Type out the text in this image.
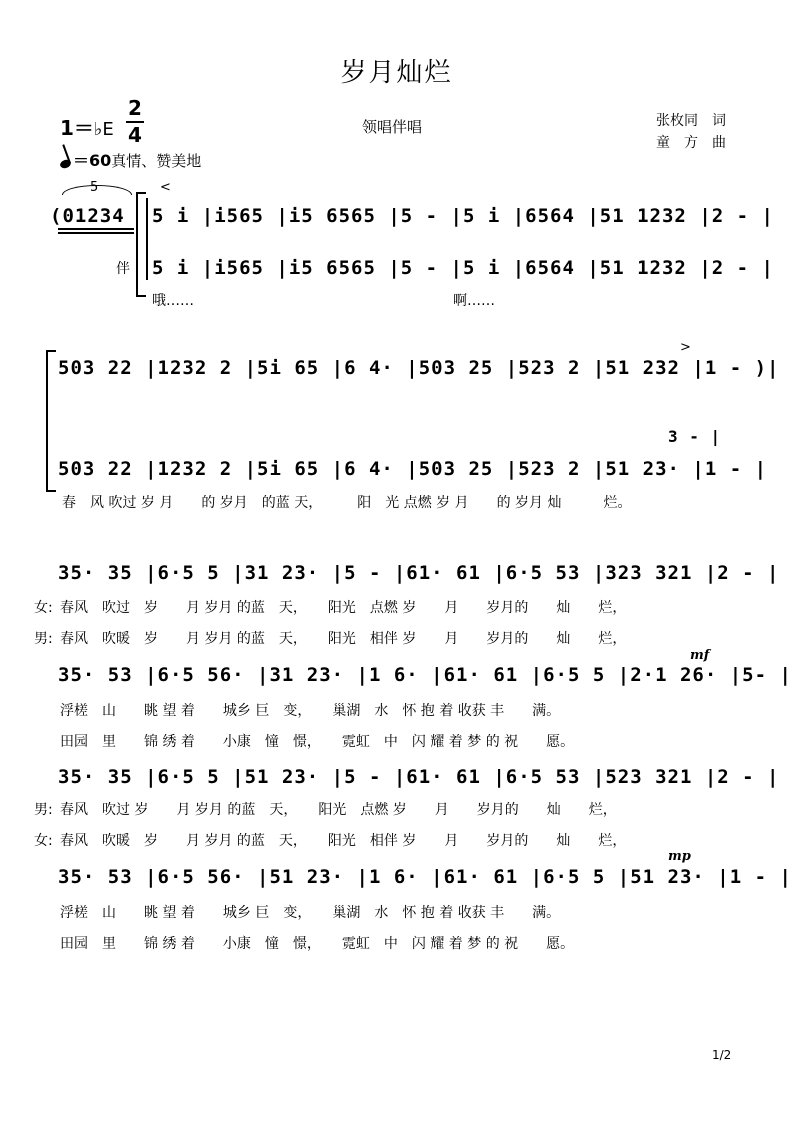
岁月灿烂
1＝♭E
2
4	领唱伴唱	张枚同　词
童　方　曲
＝60真情、赞美地
5
(01234
<
5 i |i565 |i5 6565 |5 - |5 i |6564 |51 1232 |2 - |
伴 5 i |i565 |i5 6565 |5 - |5 i |6564 |51 1232 |2 - |
哦……	啊……
503 22 |1232 2 |5i 65 |6 4· |503 25 |523 2 |51 232 |1 - )|
>
503 22 |1232 2 |5i 65 |6 4· |503 25 |523 2 |51 23· |1 - |
3 - |
春　风 吹过 岁 月　　的 岁月　的蓝 天，　　　阳　光 点燃 岁 月　　的 岁月 灿　　　烂。
35· 35 |6·5 5 |31 23· |5 - |61· 61 |6·5 53 |323 321 |2 - |
女: 春风　吹过　岁　　月 岁月 的蓝　天，　　阳光　点燃 岁　　月　　岁月的　　灿　　烂，
男: 春风　吹暖　岁　　月 岁月 的蓝　天，　　阳光　相伴 岁　　月　　岁月的　　灿　　烂，
35· 53 |6·5 56· |31 23· |1 6· |61· 61 |6·5 5 |2·1 26· |5- |
mf
浮槎　山　　眺 望 着　　城乡 巨　变，　　巢湖　水　怀 抱 着 收获 丰　　满。
田园　里　　锦 绣 着　　小康　憧　憬，　　霓虹　中　闪 耀 着 梦 的 祝　　愿。
35· 35 |6·5 5 |51 23· |5 - |61· 61 |6·5 53 |523 321 |2 - |
男: 春风　吹过 岁　　月 岁月 的蓝　天，　　阳光　点燃 岁　　月　　岁月的　　灿　　烂，
女: 春风　吹暖　岁　　月 岁月 的蓝　天，　　阳光　相伴 岁　　月　　岁月的　　灿　　烂，
35· 53 |6·5 56· |51 23· |1 6· |61· 61 |6·5 5 |51 23· |1 - |
mp
浮槎　山　　眺 望 着　　城乡 巨　变，　　巢湖　水　怀 抱 着 收获 丰　　满。
田园　里　　锦 绣 着　　小康　憧　憬，　　霓虹　中　闪 耀 着 梦 的 祝　　愿。
1/2
